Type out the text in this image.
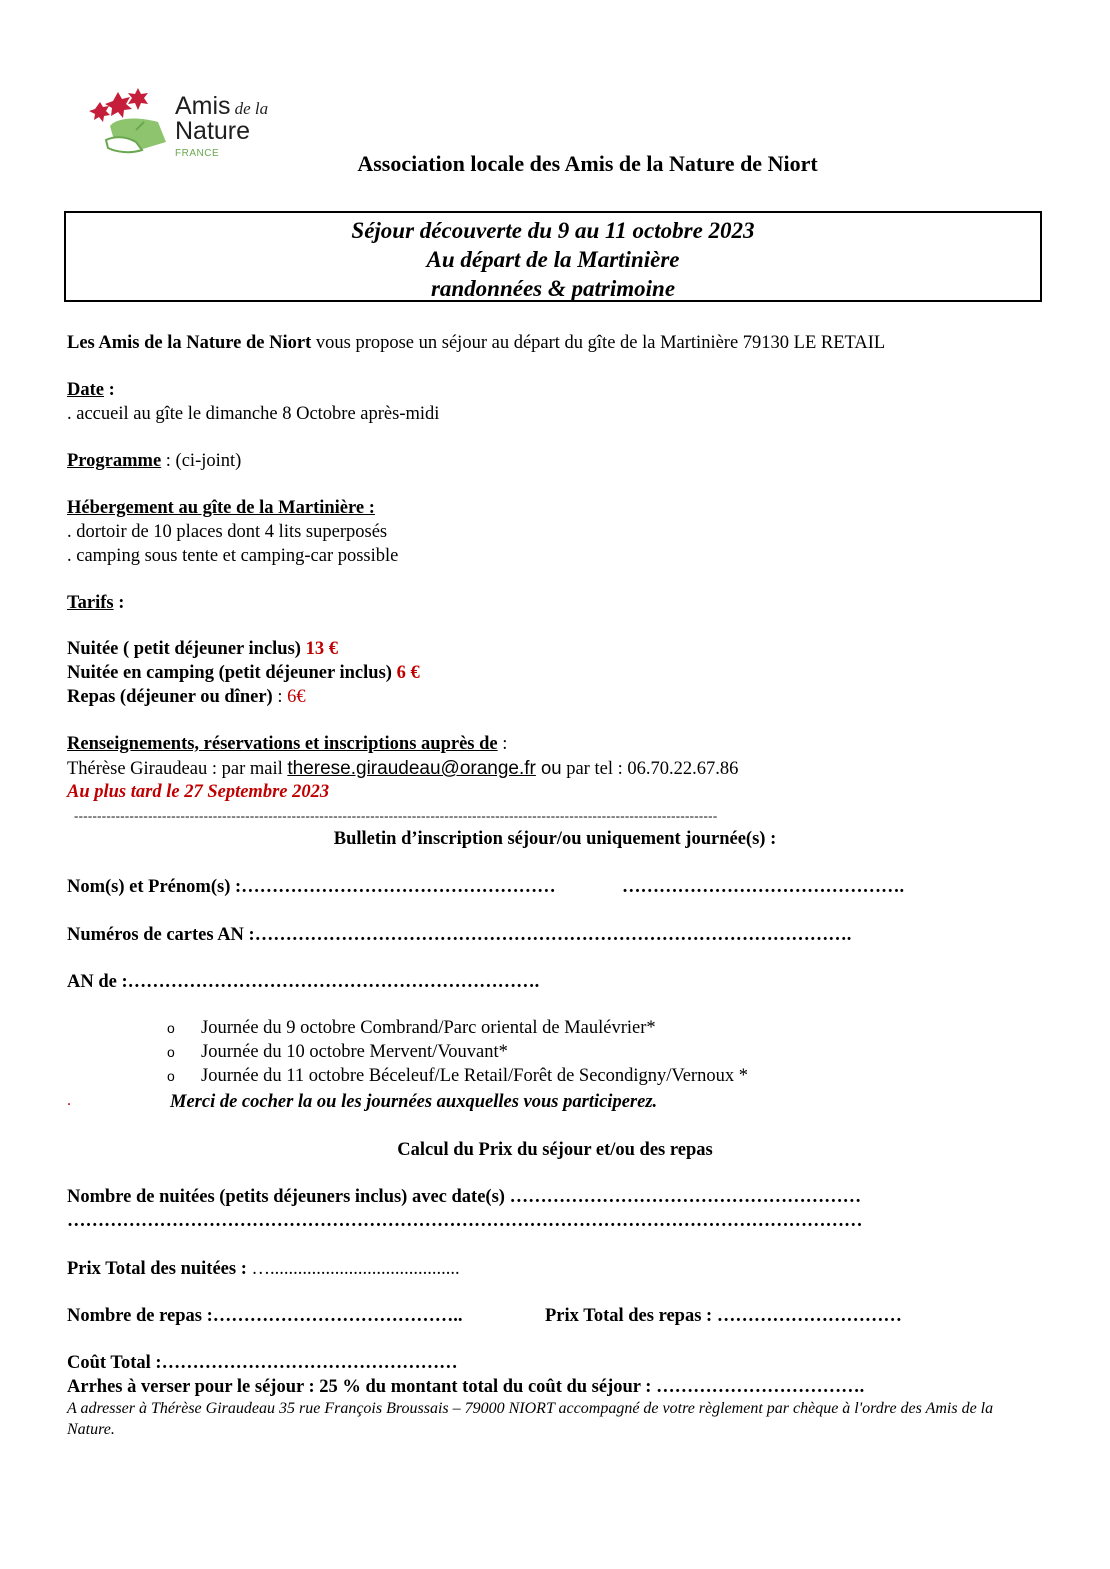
Amis de la
Nature
FRANCE	Association locale des Amis de la Nature de Niort
Séjour découverte du 9 au 11 octobre 2023
Au départ de la Martinière
randonnées & patrimoine
Les Amis de la Nature de Niort vous propose un séjour au départ du gîte de la Martinière 79130 LE RETAIL
Date :
. accueil au gîte le dimanche 8 Octobre après-midi
Programme : (ci-joint)
Hébergement au gîte de la Martinière :
. dortoir de 10 places dont 4 lits superposés
. camping sous tente et camping-car possible
Tarifs :
Nuitée ( petit déjeuner inclus) 13 €
Nuitée en camping (petit déjeuner inclus) 6 €
Repas (déjeuner ou dîner) : 6€
Renseignements, réservations et inscriptions auprès de :
Thérèse Giraudeau : par mail therese.giraudeau@orange.fr ou par tel : 06.70.22.67.86
Au plus tard le 27 Septembre 2023
-------------------------------------------------------------------------------------------------------------------------------------------
Bulletin d’inscription séjour/ou uniquement journée(s) :
Nom(s) et Prénom(s) :……………………………………………	……………………………………….
Numéros de cartes AN :…………………………………………………………………………………….
AN de :………………………………………………………….
o Journée du 9 octobre Combrand/Parc oriental de Maulévrier*
o Journée du 10 octobre Mervent/Vouvant*
o Journée du 11 octobre Béceleuf/Le Retail/Forêt de Secondigny/Vernoux *
.	Merci de cocher la ou les journées auxquelles vous participerez.
Calcul du Prix du séjour et/ou des repas
Nombre de nuitées (petits déjeuners inclus) avec date(s) …………………………………………………
…………………………………………………………………………………………………………………
Prix Total des nuitées : ….........................................
Nombre de repas :…………………………………..	Prix Total des repas : …………………………
Coût Total :…………………………………………
Arrhes à verser pour le séjour : 25 % du montant total du coût du séjour : …………………………….
A adresser à Thérèse Giraudeau 35 rue François Broussais – 79000 NIORT accompagné de votre règlement par chèque à l'ordre des Amis de la Nature.
